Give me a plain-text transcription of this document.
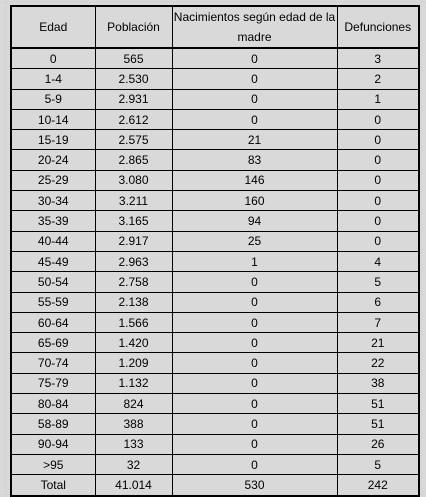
Edad	Población	Nacimientos según edad de la madre	Defunciones
0	565	0	3
1-4	2.530	0	2
5-9	2.931	0	1
10-14	2.612	0	0
15-19	2.575	21	0
20-24	2.865	83	0
25-29	3.080	146	0
30-34	3.211	160	0
35-39	3.165	94	0
40-44	2.917	25	0
45-49	2.963	1	4
50-54	2.758	0	5
55-59	2.138	0	6
60-64	1.566	0	7
65-69	1.420	0	21
70-74	1.209	0	22
75-79	1.132	0	38
80-84	824	0	51
58-89	388	0	51
90-94	133	0	26
>95	32	0	5
Total	41.014	530	242
